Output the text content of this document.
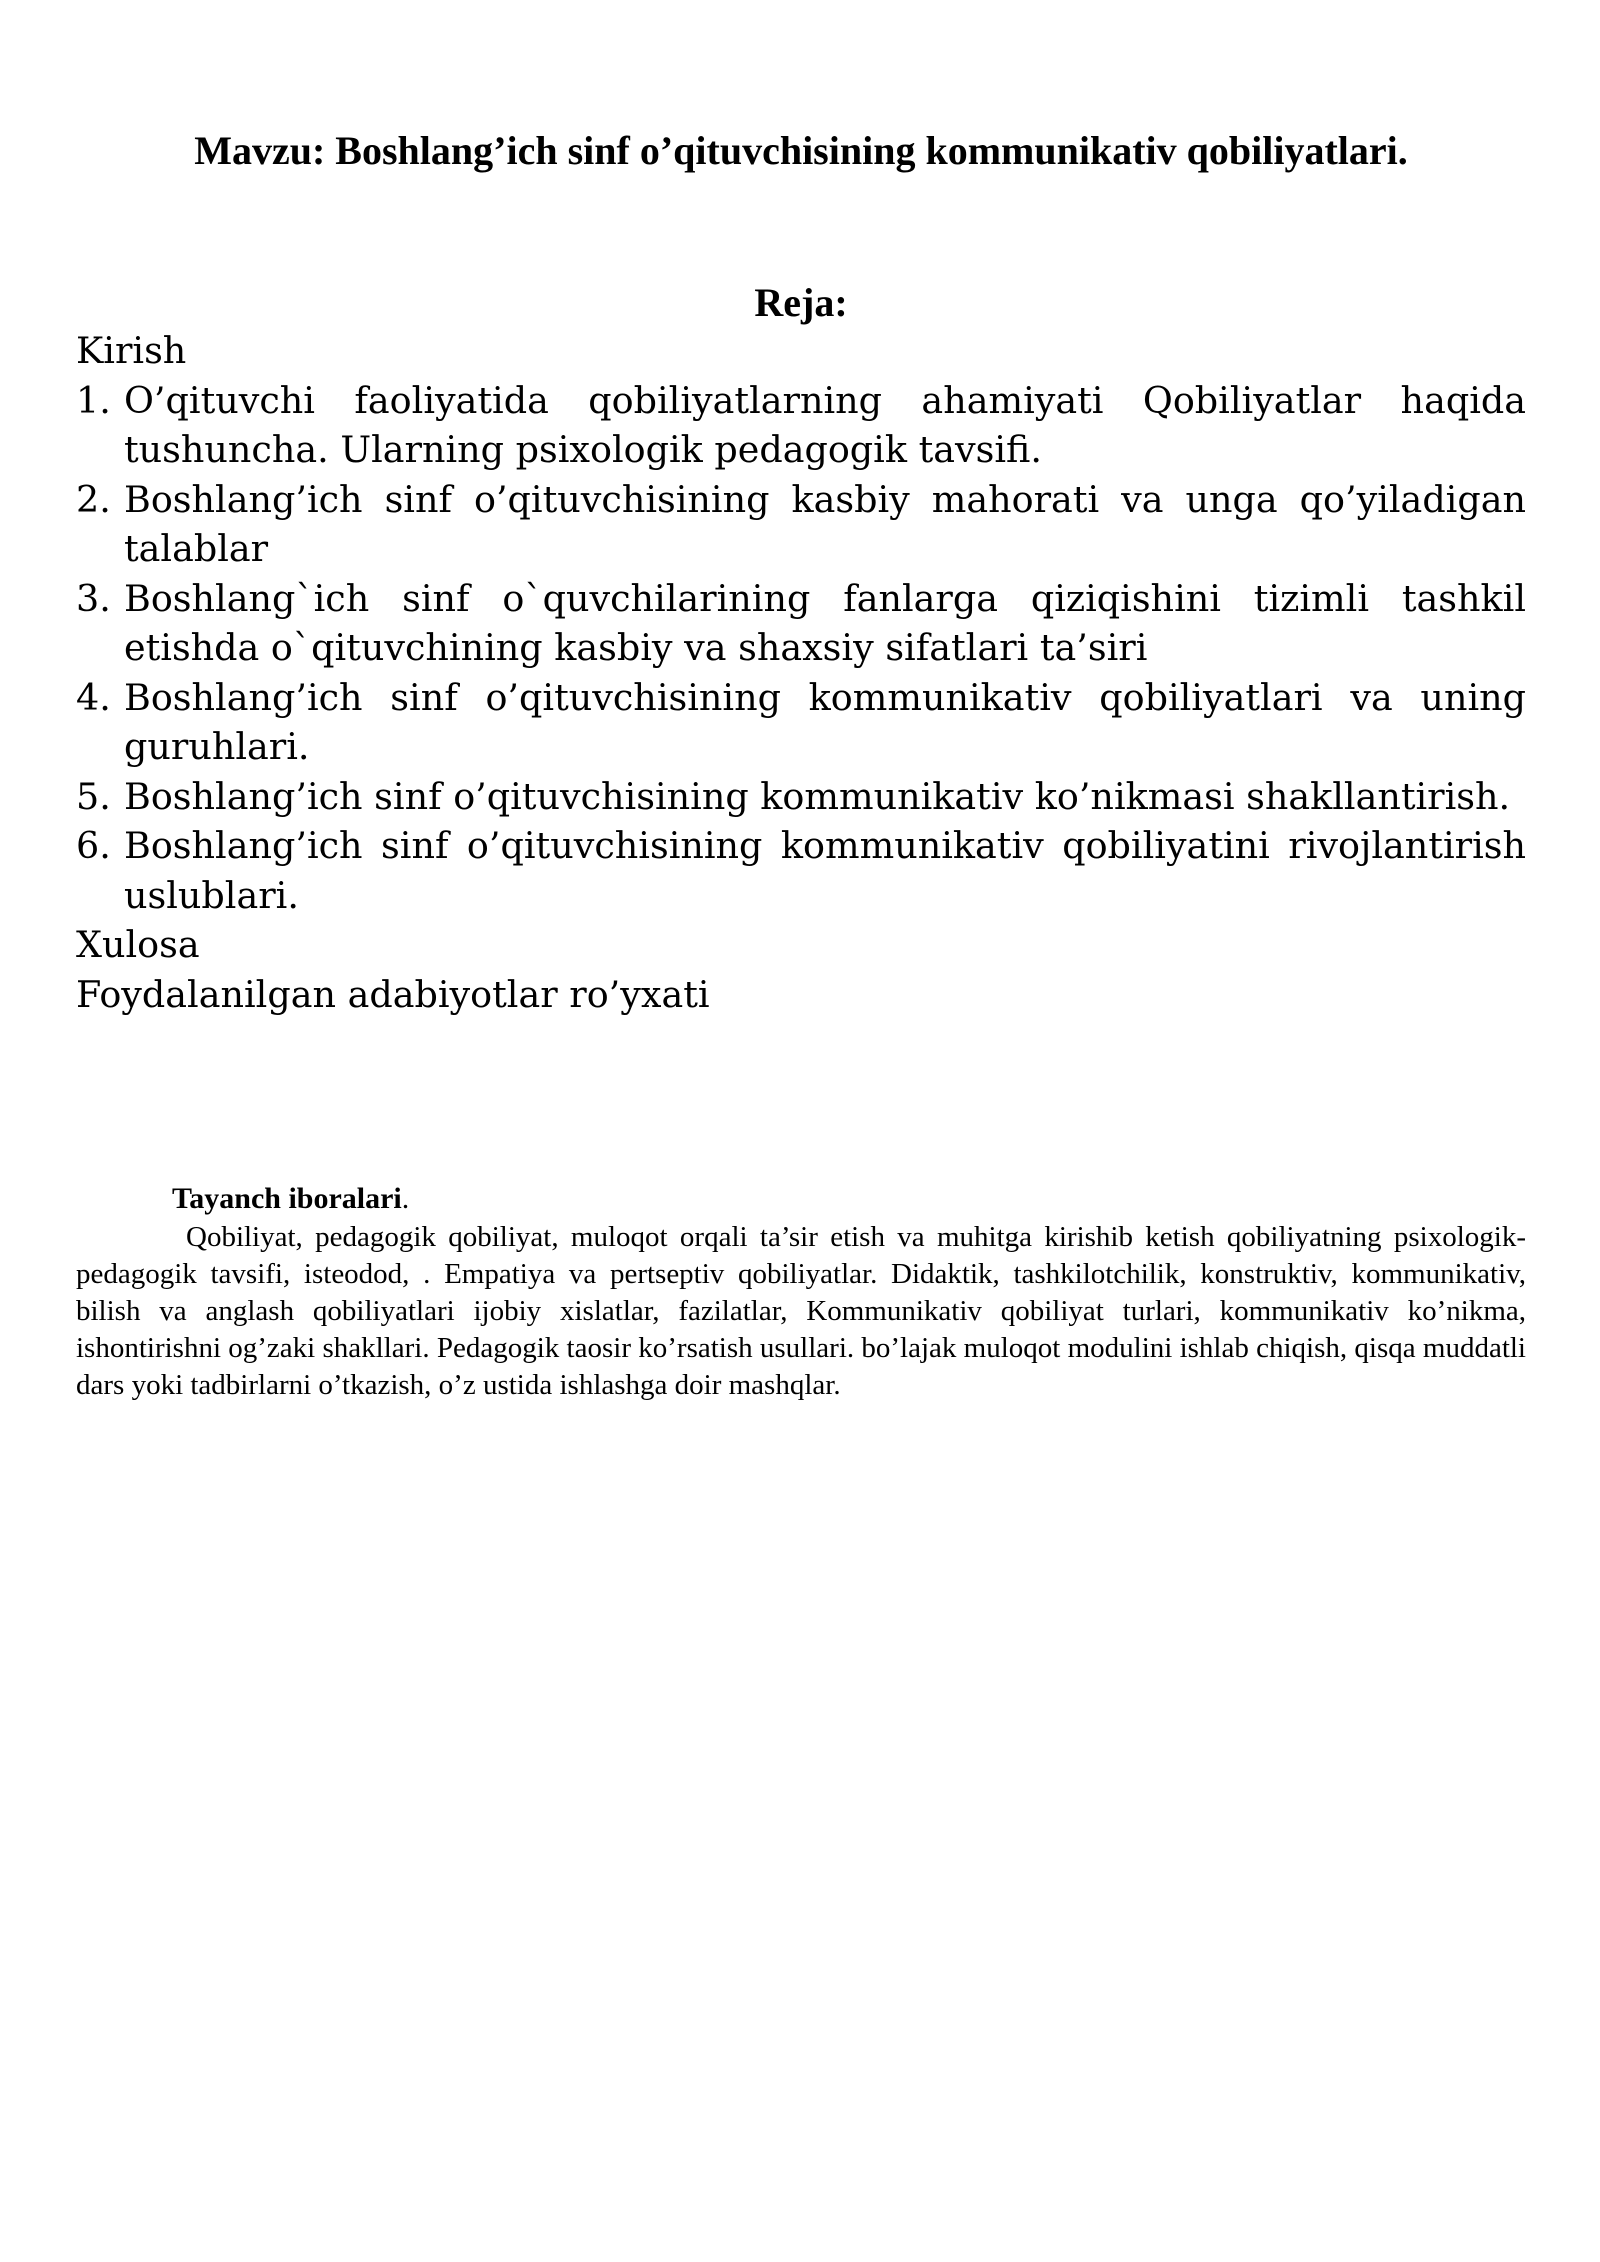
Mavzu: Boshlang’ich sinf o’qituvchisining kommunikativ qobiliyatlari.
Reja:

Kirish

1. O’qituvchi faoliyatida qobiliyatlarning ahamiyati Qobiliyatlar haqida tushuncha. Ularning psixologik pedagogik tavsifi.
2. Boshlang’ich sinf o’qituvchisining kasbiy mahorati va unga qo’yiladigan talablar
3. Boshlang`ich sinf o`quvchilarining fanlarga qiziqishini tizimli tashkil etishda o`qituvchining kasbiy va shaxsiy sifatlari ta’siri
4. Boshlang’ich sinf o’qituvchisining kommunikativ qobiliyatlari va uning guruhlari.
5. Boshlang’ich sinf o’qituvchisining kommunikativ ko’nikmasi shakllantirish.
6. Boshlang’ich sinf o’qituvchisining kommunikativ qobiliyatini rivojlantirish uslublari.

Xulosa

Foydalanilgan adabiyotlar ro’yxati

Tayanch iboralari.

Qobiliyat, pedagogik qobiliyat, muloqot orqali ta’sir etish va muhitga kirishib ketish qobiliyatning psixologik-pedagogik tavsifi, isteodod, . Empatiya va pertseptiv qobiliyatlar. Didaktik, tashkilotchilik, konstruktiv, kommunikativ, bilish va anglash qobiliyatlari ijobiy xislatlar, fazilatlar, Kommunikativ qobiliyat turlari, kommunikativ ko’nikma, ishontirishni og’zaki shakllari. Pedagogik taosir ko’rsatish usullari. bo’lajak muloqot modulini ishlab chiqish, qisqa muddatli dars yoki tadbirlarni o’tkazish, o’z ustida ishlashga doir mashqlar.
